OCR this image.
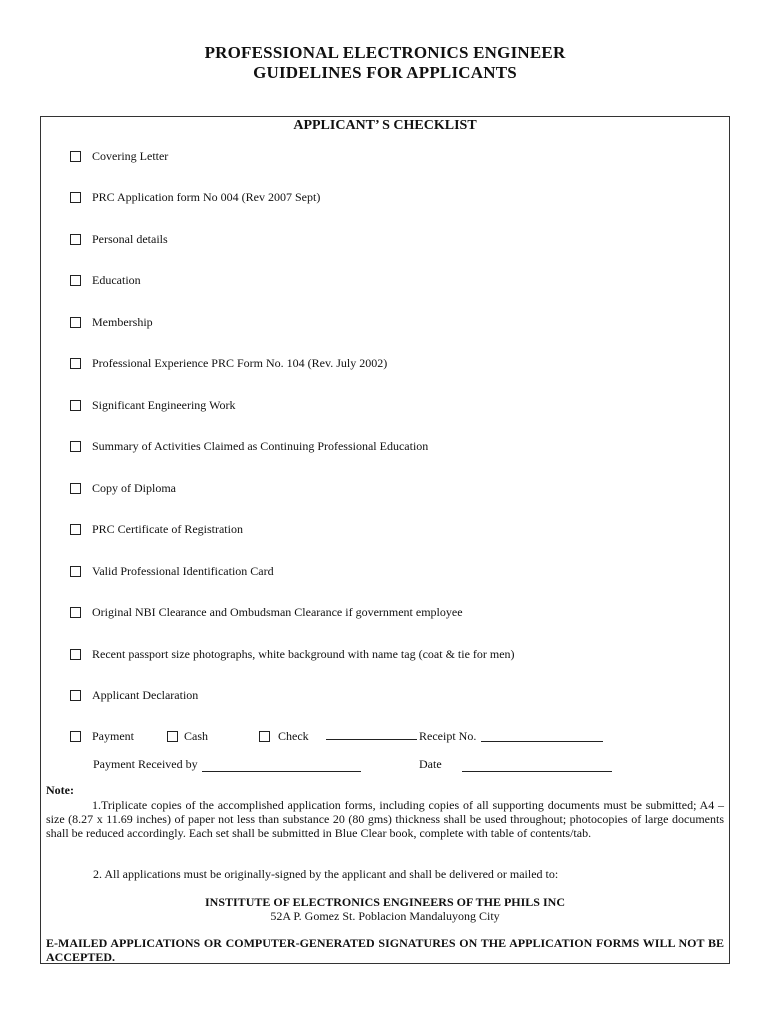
PROFESSIONAL ELECTRONICS ENGINEER
GUIDELINES FOR APPLICANTS
APPLICANT’ S CHECKLIST
Covering Letter
PRC Application form No 004 (Rev 2007 Sept)
Personal details
Education
Membership
Professional Experience PRC Form No. 104 (Rev. July 2002)
Significant Engineering Work
Summary of Activities Claimed as Continuing Professional Education
Copy of Diploma
PRC Certificate of Registration
Valid Professional Identification Card
Original NBI Clearance and Ombudsman Clearance if government employee
Recent passport size photographs, white background with name tag (coat & tie for men)
Applicant Declaration
Payment	Cash	Check	Receipt No.
Payment Received by	Date
Note:

1.Triplicate copies of the accomplished application forms, including copies of all supporting documents must be submitted; A4 –size (8.27 x 11.69 inches) of paper not less than substance 20 (80 gms) thickness shall be used throughout; photocopies of large documents shall be reduced accordingly. Each set shall be submitted in Blue Clear book, complete with table of contents/tab.

2. All applications must be originally-signed by the applicant and shall be delivered or mailed to:
INSTITUTE OF ELECTRONICS ENGINEERS OF THE PHILS INC
52A P. Gomez St. Poblacion Mandaluyong City

E-MAILED APPLICATIONS OR COMPUTER-GENERATED SIGNATURES ON THE APPLICATION FORMS WILL NOT BE ACCEPTED.
